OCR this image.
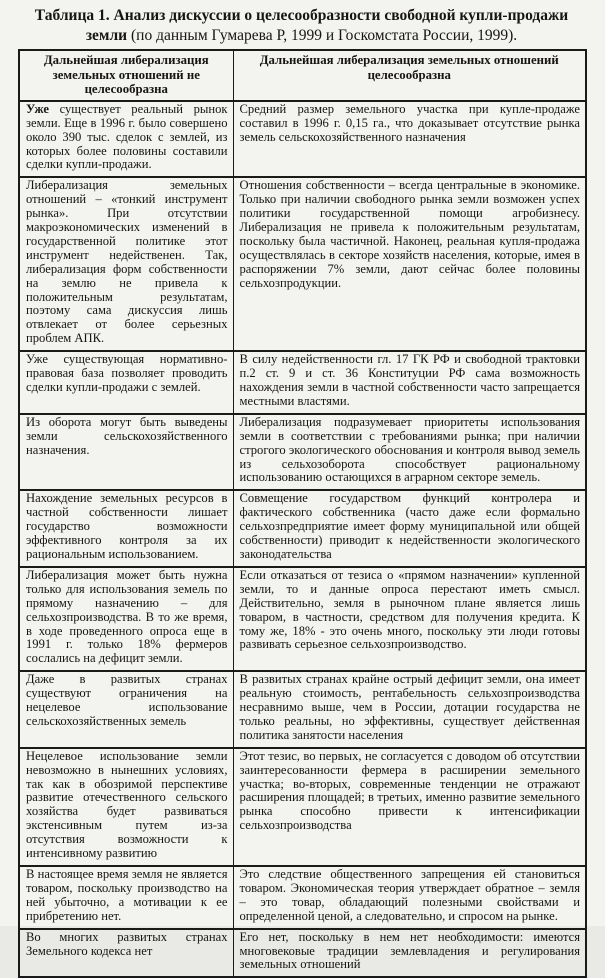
Таблица 1. Анализ дискуссии о целесообразности свободной купли-продажи земли (по данным Гумарева Р, 1999 и Госкомстата России, 1999).
Дальнейшая либерализация земельных отношений не целесообразна	Дальнейшая либерализация земельных отношений целесообразна
Уже существует реальный рынок земли. Еще в 1996 г. было совершено около 390 тыс. сделок с землей, из которых более половины составили сделки купли-продажи.	Средний размер земельного участка при купле-продаже составил в 1996 г. 0,15 га., что доказывает отсутствие рынка земель сельскохозяйственного назначения
Либерализация земельных отношений – «тонкий инструмент рынка». При отсутствии макроэкономических изменений в государственной политике этот инструмент недейственен. Так, либерализация форм собственности на землю не привела к положительным результатам, поэтому сама дискуссия лишь отвлекает от более серьезных проблем АПК.	Отношения собственности – всегда центральные в экономике. Только при наличии свободного рынка земли возможен успех политики государственной помощи агробизнесу. Либерализация не привела к положительным результатам, поскольку была частичной. Наконец, реальная купля-продажа осуществлялась в секторе хозяйств населения, которые, имея в распоряжении 7% земли, дают сейчас более половины сельхозпродукции.
Уже существующая нормативно-правовая база позволяет проводить сделки купли-продажи с землей.	В силу недейственности гл. 17 ГК РФ и свободной трактовки п.2 ст. 9 и ст. 36 Конституции РФ сама возможность нахождения земли в частной собственности часто запрещается местными властями.
Из оборота могут быть выведены земли сельскохозяйственного назначения.	Либерализация подразумевает приоритеты использования земли в соответствии с требованиями рынка; при наличии строгого экологического обоснования и контроля вывод земель из сельхозоборота способствует рациональному использованию остающихся в аграрном секторе земель.
Нахождение земельных ресурсов в частной собственности лишает государство возможности эффективного контроля за их рациональным использованием.	Совмещение государством функций контролера и фактического собственника (часто даже если формально сельхозпредприятие имеет форму муниципальной или общей собственности) приводит к недейственности экологического законодательства
Либерализация может быть нужна только для использования земель по прямому назначению – для сельхозпроизводства. В то же время, в ходе проведенного опроса еще в 1991 г. только 18% фермеров сослались на дефицит земли.	Если отказаться от тезиса о «прямом назначении» купленной земли, то и данные опроса перестают иметь смысл. Действительно, земля в рыночном плане является лишь товаром, в частности, средством для получения кредита. К тому же, 18% - это очень много, поскольку эти люди готовы развивать серьезное сельхозпроизводство.
Даже в развитых странах существуют ограничения на нецелевое использование сельскохозяйственных земель	В развитых странах крайне острый дефицит земли, она имеет реальную стоимость, рентабельность сельхозпроизводства несравнимо выше, чем в России, дотации государства не только реальны, но эффективны, существует действенная политика занятости населения
Нецелевое использование земли невозможно в нынешних условиях, так как в обозримой перспективе развитие отечественного сельского хозяйства будет развиваться экстенсивным путем из-за отсутствия возможности к интенсивному развитию	Этот тезис, во первых, не согласуется с доводом об отсутствии заинтересованности фермера в расширении земельного участка; во-вторых, современные тенденции не отражают расширения площадей; в третьих, именно развитие земельного рынка способно привести к интенсификации сельхозпроизводства
В настоящее время земля не является товаром, поскольку производство на ней убыточно, а мотивации к ее прибретению нет.	Это следствие общественного запрещения ей становиться товаром. Экономическая теория утверждает обратное – земля – это товар, обладающий полезными свойствами и определенной ценой, а следовательно, и спросом на рынке.
Во многих развитых странах Земельного кодекса нет	Его нет, поскольку в нем нет необходимости: имеются многовековые традиции землевладения и регулирования земельных отношений
